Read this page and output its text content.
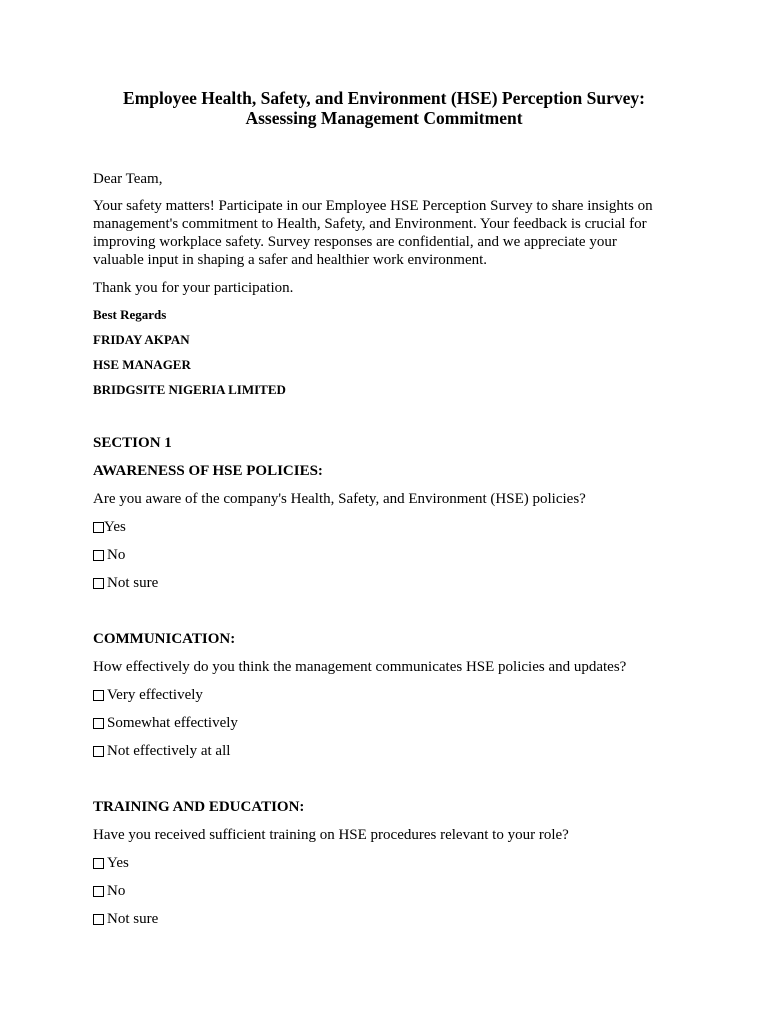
Employee Health, Safety, and Environment (HSE) Perception Survey:
Assessing Management Commitment

Dear Team,

Your safety matters! Participate in our Employee HSE Perception Survey to share insights on
management's commitment to Health, Safety, and Environment. Your feedback is crucial for
improving workplace safety. Survey responses are confidential, and we appreciate your
valuable input in shaping a safer and healthier work environment.

Thank you for your participation.

Best Regards

FRIDAY AKPAN

HSE MANAGER

BRIDGSITE NIGERIA LIMITED

SECTION 1

AWARENESS OF HSE POLICIES:

Are you aware of the company's Health, Safety, and Environment (HSE) policies?

Yes
No
Not sure

COMMUNICATION:

How effectively do you think the management communicates HSE policies and updates?

Very effectively
Somewhat effectively
Not effectively at all

TRAINING AND EDUCATION:

Have you received sufficient training on HSE procedures relevant to your role?

Yes
No
Not sure
